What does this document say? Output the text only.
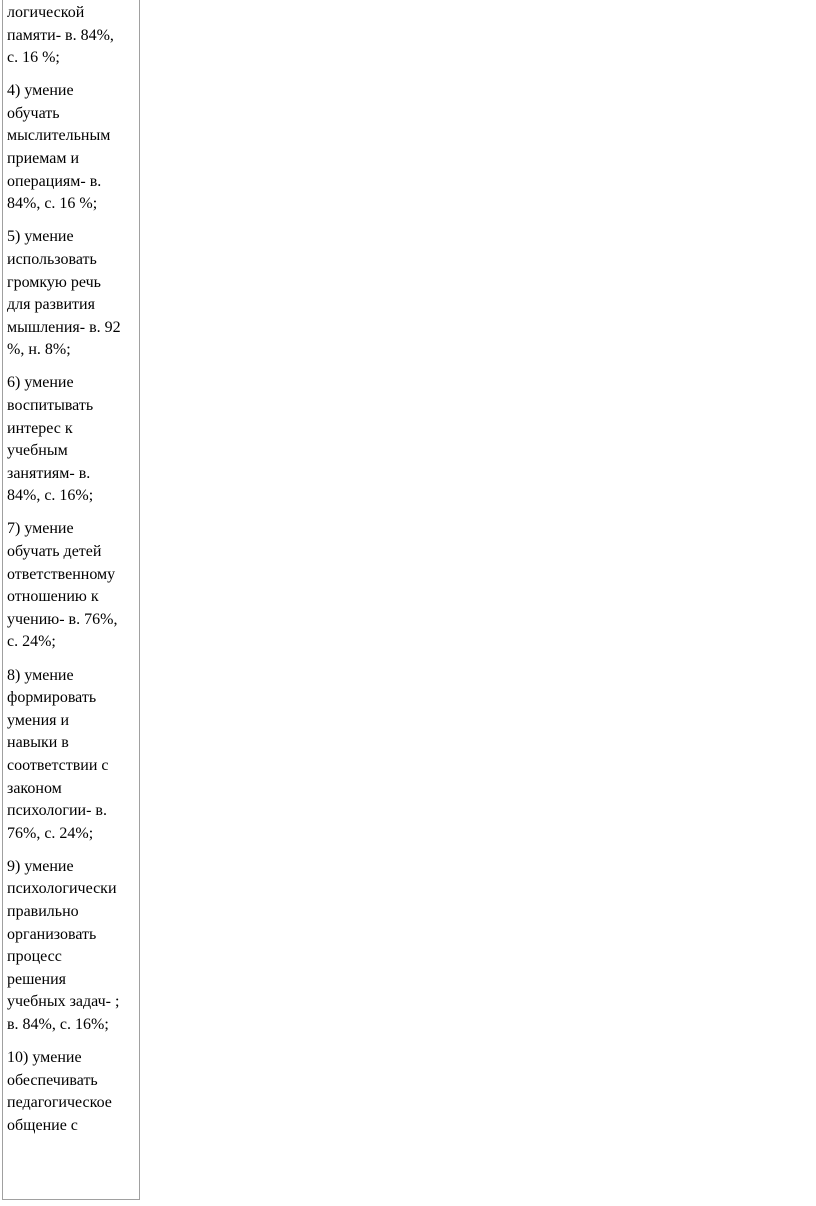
логической
памяти- в. 84%,
с. 16 %;

4) умение
обучать
мыслительным
приемам и
операциям- в.
84%, с. 16 %;

5) умение
использовать
громкую речь
для развития
мышления- в. 92
%, н. 8%;

6) умение
воспитывать
интерес к
учебным
занятиям- в.
84%, с. 16%;

7) умение
обучать детей
ответственному
отношению к
учению- в. 76%,
с. 24%;

8) умение
формировать
умения и
навыки в
соответствии с
законом
психологии- в.
76%, с. 24%;

9) умение
психологически
правильно
организовать
процесс
решения
учебных задач- ;
в. 84%, с. 16%;

10) умение
обеспечивать
педагогическое
общение с
